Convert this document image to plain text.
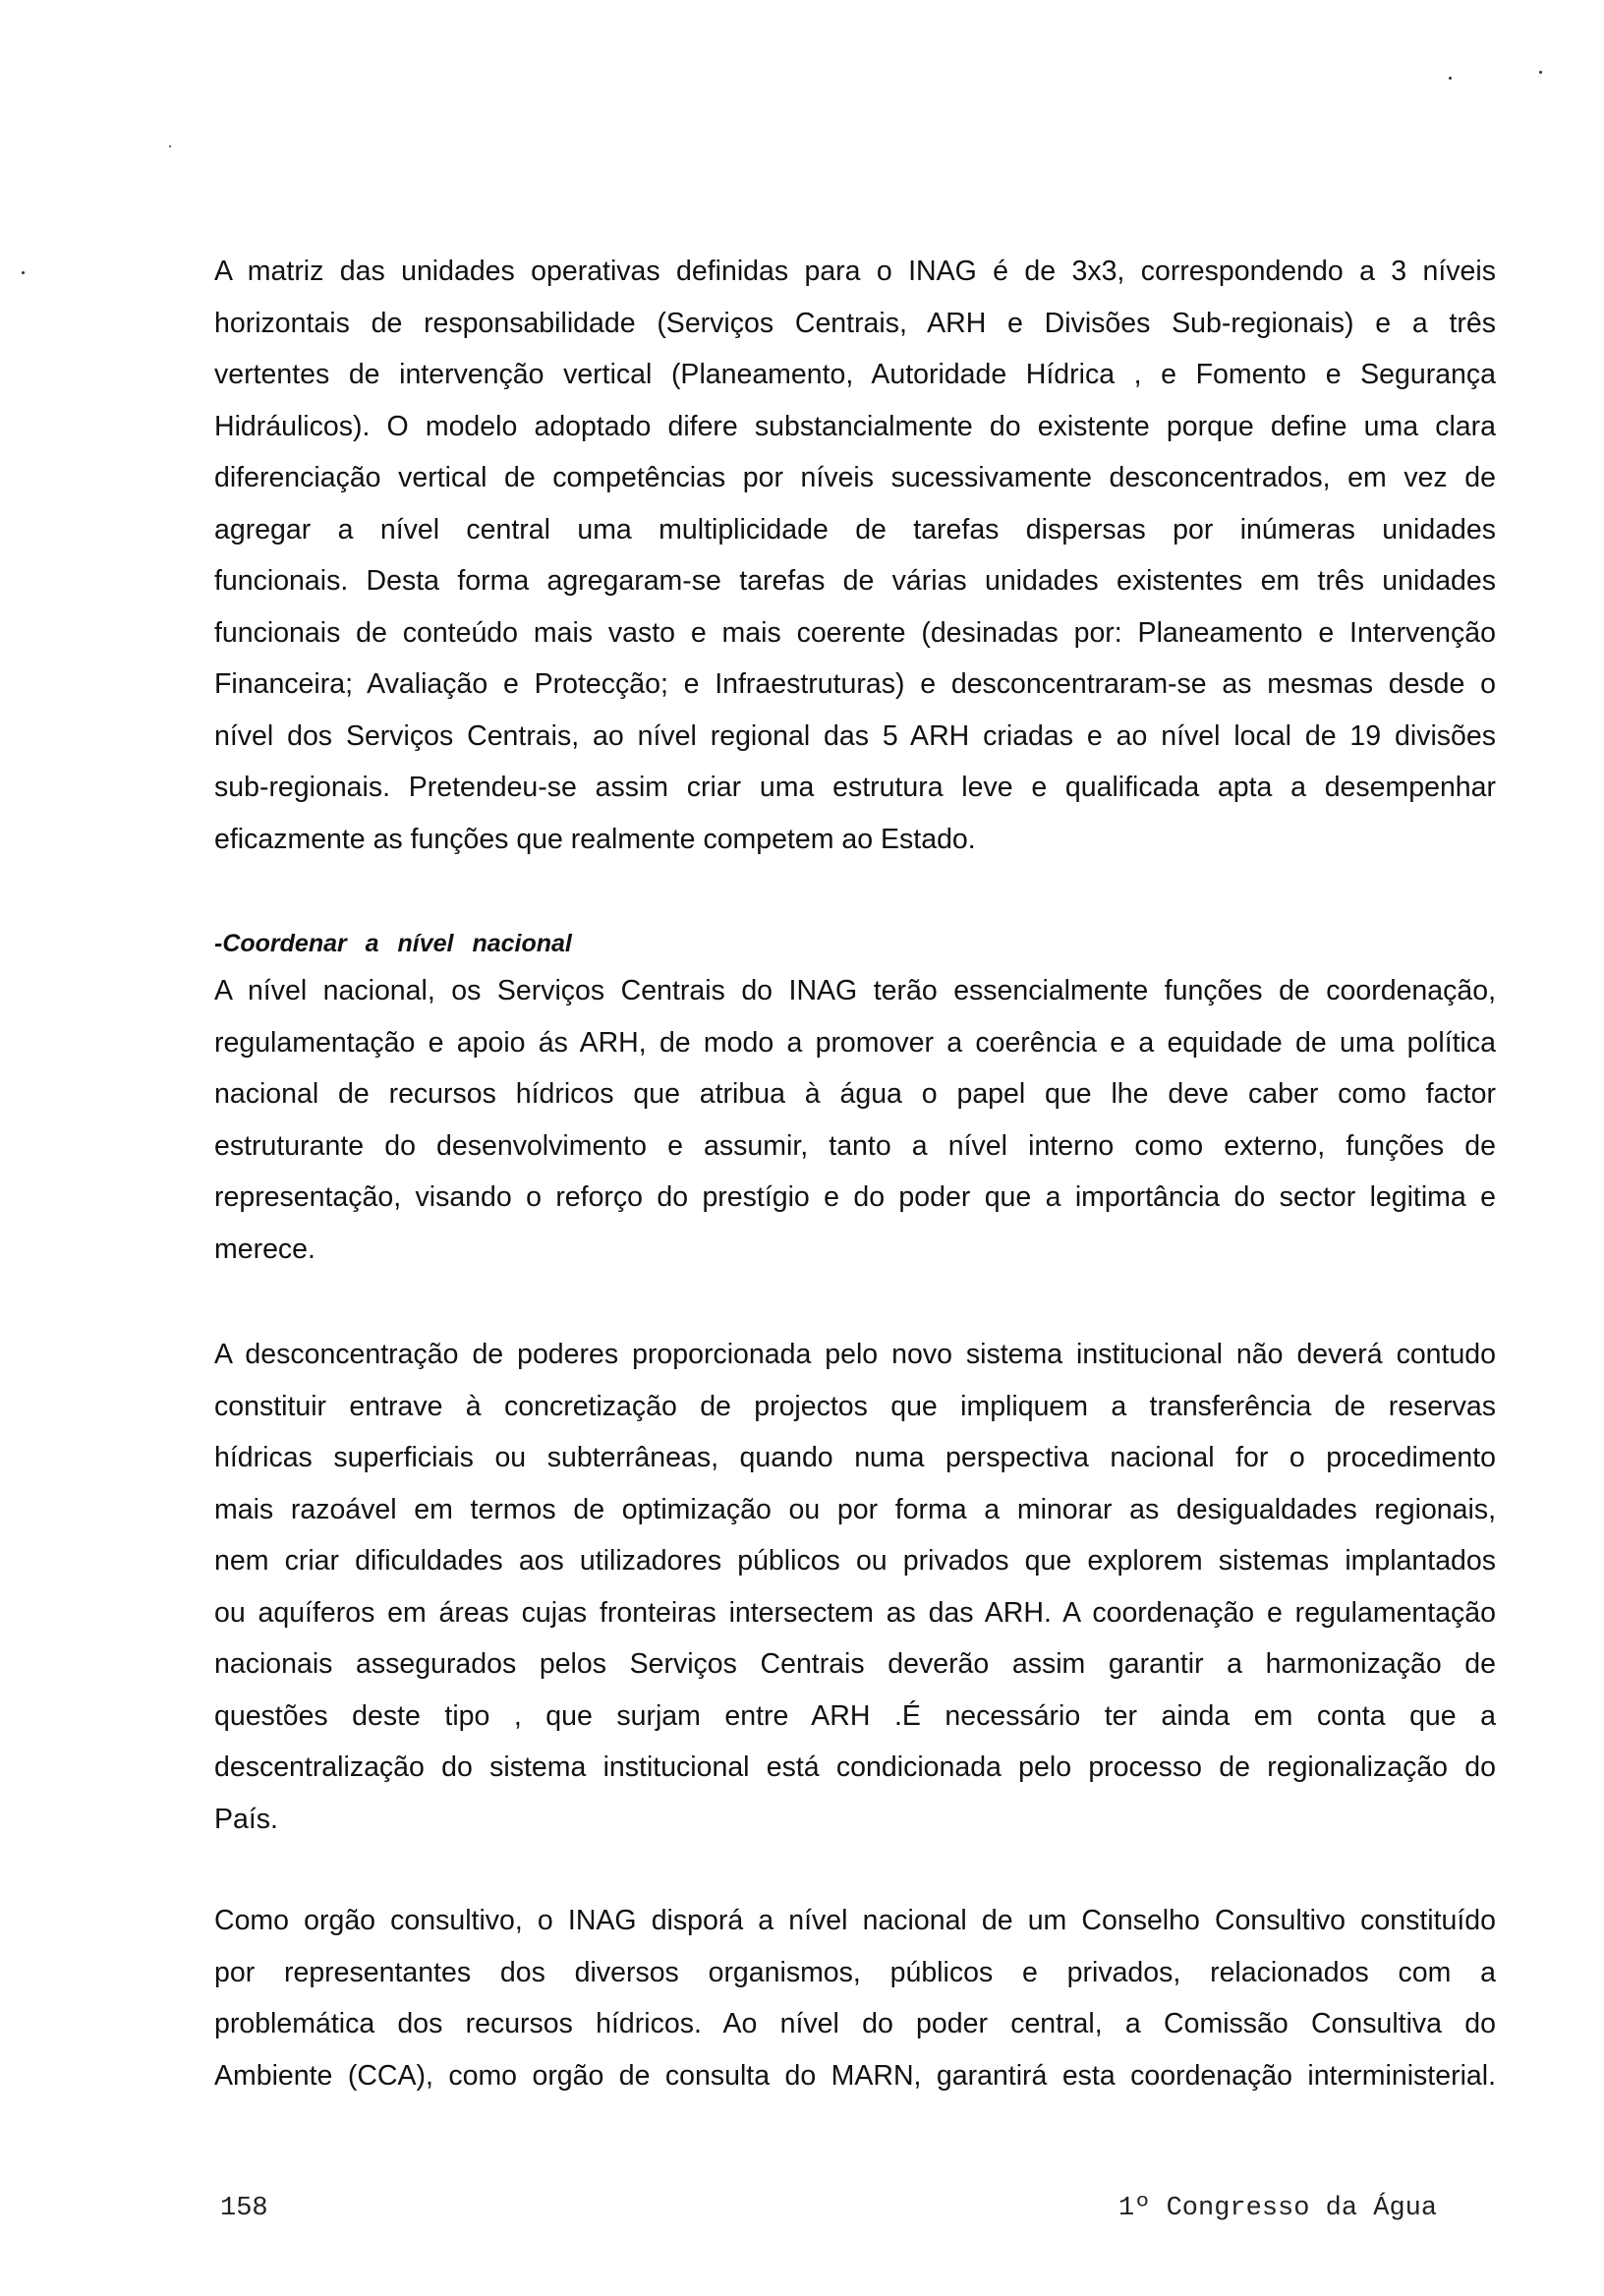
A matriz das unidades operativas definidas para o INAG é de 3x3, correspondendo a 3 níveis
horizontais de responsabilidade (Serviços Centrais, ARH e Divisões Sub-regionais) e a três
vertentes de intervenção vertical (Planeamento, Autoridade Hídrica , e Fomento e Segurança
Hidráulicos). O modelo adoptado difere substancialmente do existente porque define uma clara
diferenciação vertical de competências por níveis sucessivamente desconcentrados, em vez de
agregar a nível central uma multiplicidade de tarefas dispersas por inúmeras unidades
funcionais. Desta forma agregaram-se tarefas de várias unidades existentes em três unidades
funcionais de conteúdo mais vasto e mais coerente (desinadas por: Planeamento e Intervenção
Financeira; Avaliação e Protecção; e Infraestruturas) e desconcentraram-se as mesmas desde o
nível dos Serviços Centrais, ao nível regional das 5 ARH criadas e ao nível local de 19 divisões
sub-regionais. Pretendeu-se assim criar uma estrutura leve e qualificada apta a desempenhar
eficazmente as funções que realmente competem ao Estado.
-Coordenar a nível nacional
A nível nacional, os Serviços Centrais do INAG terão essencialmente funções de coordenação,
regulamentação e apoio ás ARH, de modo a promover a coerência e a equidade de uma política
nacional de recursos hídricos que atribua à água o papel que lhe deve caber como factor
estruturante do desenvolvimento e assumir, tanto a nível interno como externo, funções de
representação, visando o reforço do prestígio e do poder que a importância do sector legitima e
merece.
A desconcentração de poderes proporcionada pelo novo sistema institucional não deverá contudo
constituir entrave à concretização de projectos que impliquem a transferência de reservas
hídricas superficiais ou subterrâneas, quando numa perspectiva nacional for o procedimento
mais razoável em termos de optimização ou por forma a minorar as desigualdades regionais,
nem criar dificuldades aos utilizadores públicos ou privados que explorem sistemas implantados
ou aquíferos em áreas cujas fronteiras intersectem as das ARH. A coordenação e regulamentação
nacionais assegurados pelos Serviços Centrais deverão assim garantir a harmonização de
questões deste tipo , que surjam entre ARH .É necessário ter ainda em conta que a
descentralização do sistema institucional está condicionada pelo processo de regionalização do
País.
Como orgão consultivo, o INAG disporá a nível nacional de um Conselho Consultivo constituído
por representantes dos diversos organismos, públicos e privados, relacionados com a
problemática dos recursos hídricos. Ao nível do poder central, a Comissão Consultiva do
Ambiente (CCA), como orgão de consulta do MARN, garantirá esta coordenação interministerial.
158	1º Congresso da Água
